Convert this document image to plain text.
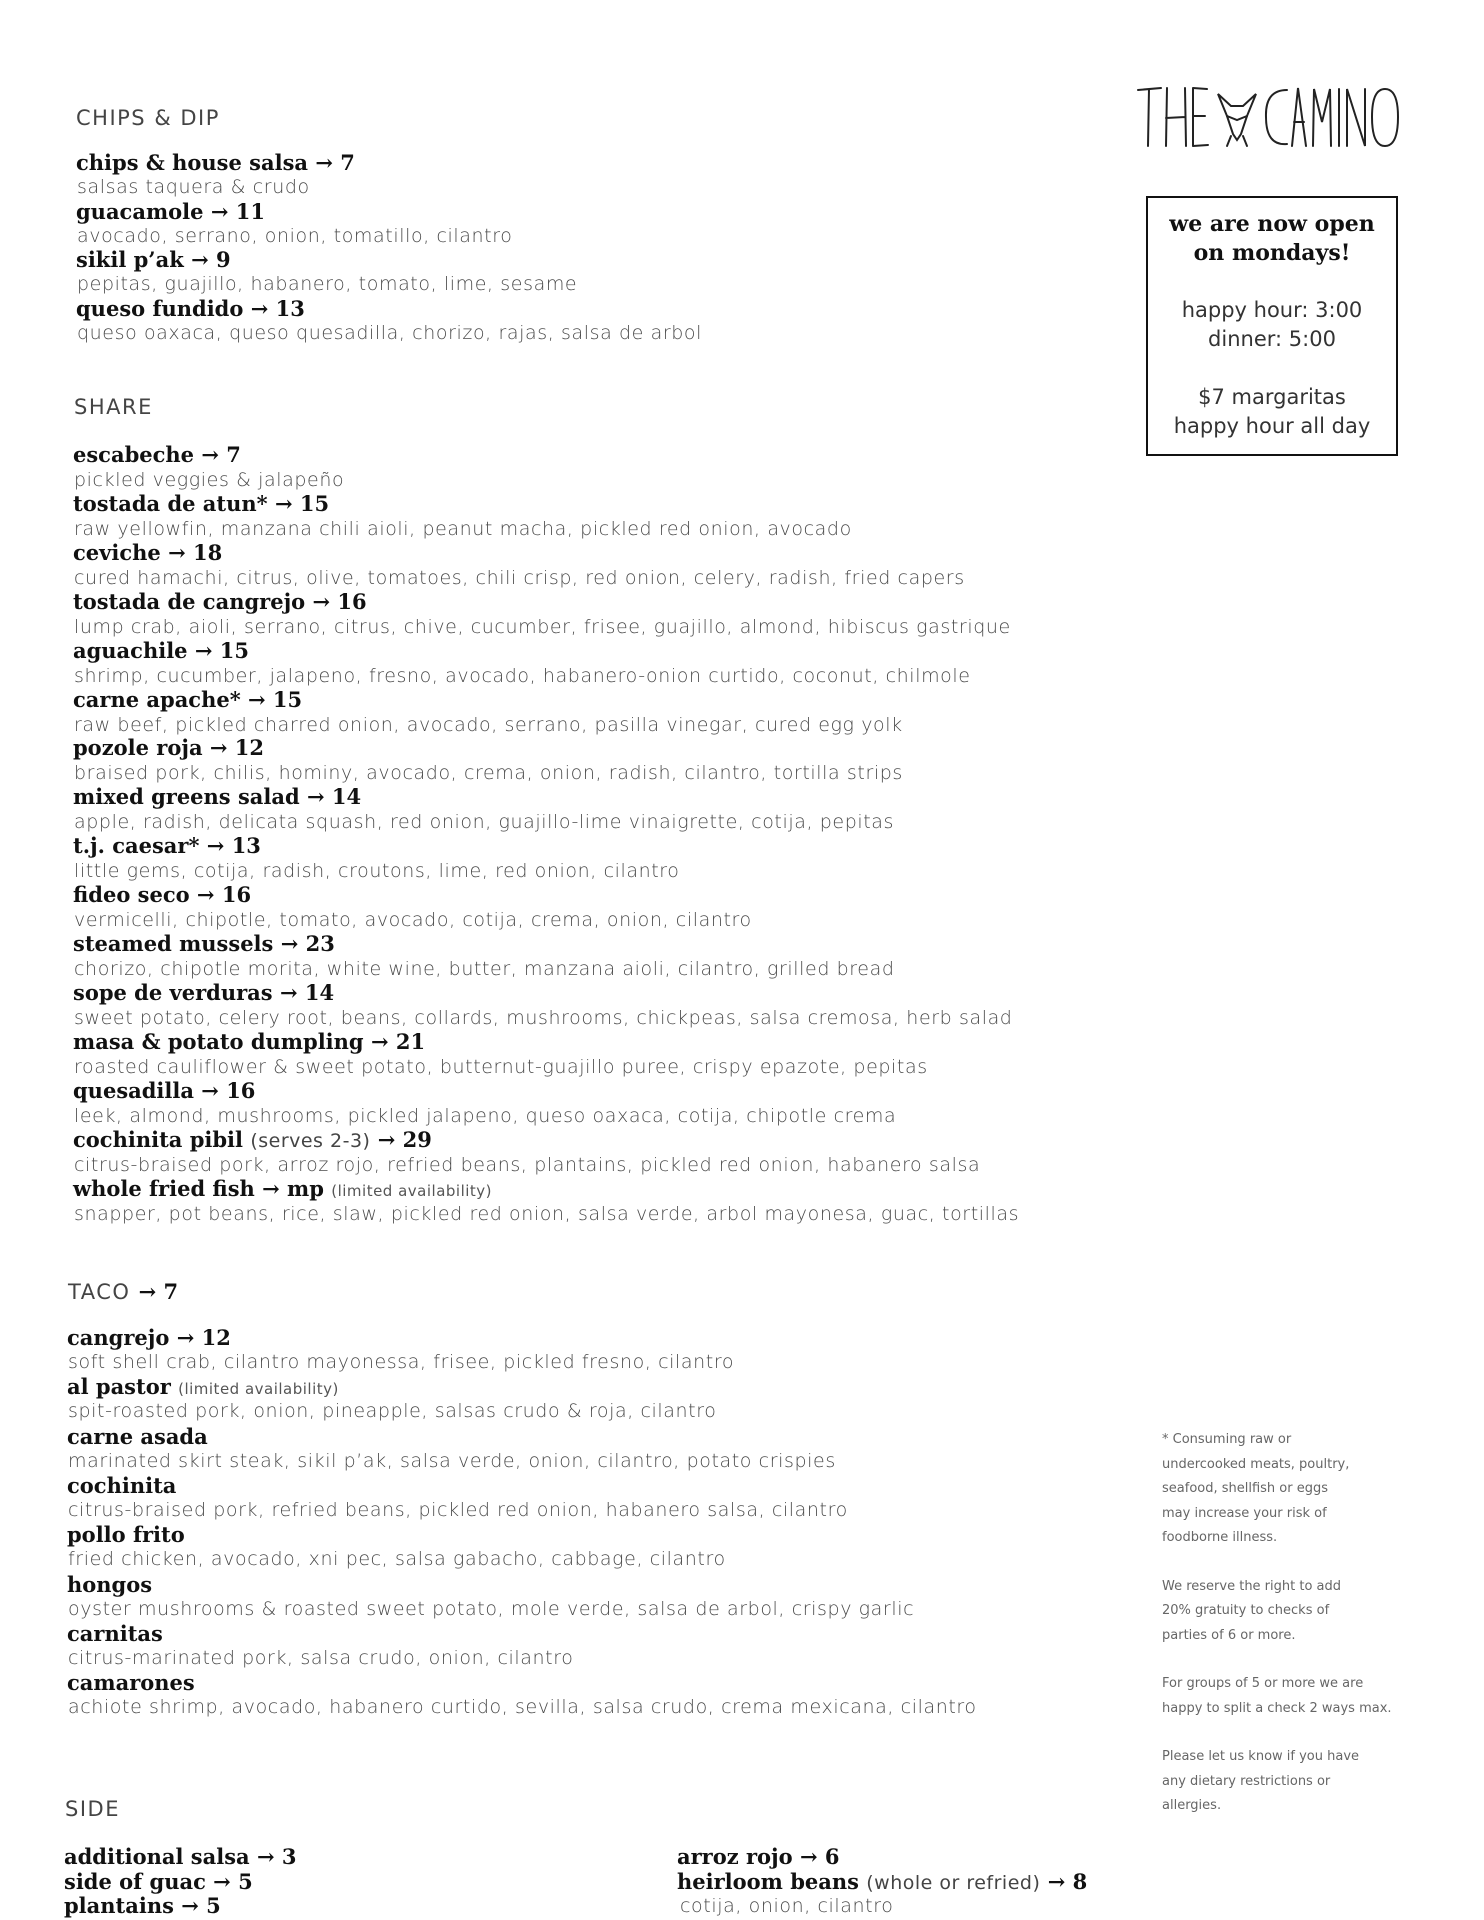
we are now open
on mondays!
happy hour: 3:00
dinner: 5:00
$7 margaritas
happy hour all day

* Consuming raw or
undercooked meats, poultry,
seafood, shellfish or eggs
may increase your risk of
foodborne illness.

We reserve the right to add
20% gratuity to checks of
parties of 6 or more.

For groups of 5 or more we are
happy to split a check 2 ways max.

Please let us know if you have
any dietary restrictions or
allergies.

CHIPS & DIP
chips & house salsa → 7
salsas taquera & crudo
guacamole → 11
avocado, serrano, onion, tomatillo, cilantro
sikil p’ak → 9
pepitas, guajillo, habanero, tomato, lime, sesame
queso fundido → 13
queso oaxaca, queso quesadilla, chorizo, rajas, salsa de arbol
SHARE
escabeche → 7
pickled veggies & jalapeño
tostada de atun* → 15
raw yellowfin, manzana chili aioli, peanut macha, pickled red onion, avocado
ceviche → 18
cured hamachi, citrus, olive, tomatoes, chili crisp, red onion, celery, radish, fried capers
tostada de cangrejo → 16
lump crab, aioli, serrano, citrus, chive, cucumber, frisee, guajillo, almond, hibiscus gastrique
aguachile → 15
shrimp, cucumber, jalapeno, fresno, avocado, habanero-onion curtido, coconut, chilmole
carne apache* → 15
raw beef, pickled charred onion, avocado, serrano, pasilla vinegar, cured egg yolk
pozole roja → 12
braised pork, chilis, hominy, avocado, crema, onion, radish, cilantro, tortilla strips
mixed greens salad → 14
apple, radish, delicata squash, red onion, guajillo-lime vinaigrette, cotija, pepitas
t.j. caesar* → 13
little gems, cotija, radish, croutons, lime, red onion, cilantro
fideo seco → 16
vermicelli, chipotle, tomato, avocado, cotija, crema, onion, cilantro
steamed mussels → 23
chorizo, chipotle morita, white wine, butter, manzana aioli, cilantro, grilled bread
sope de verduras → 14
sweet potato, celery root, beans, collards, mushrooms, chickpeas, salsa cremosa, herb salad
masa & potato dumpling → 21
roasted cauliflower & sweet potato, butternut-guajillo puree, crispy epazote, pepitas
quesadilla → 16
leek, almond, mushrooms, pickled jalapeno, queso oaxaca, cotija, chipotle crema
cochinita pibil (serves 2-3) → 29
citrus-braised pork, arroz rojo, refried beans, plantains, pickled red onion, habanero salsa
whole fried fish → mp (limited availability)
snapper, pot beans, rice, slaw, pickled red onion, salsa verde, arbol mayonesa, guac, tortillas
TACO → 7
cangrejo → 12
soft shell crab, cilantro mayonessa, frisee, pickled fresno, cilantro
al pastor (limited availability)
spit-roasted pork, onion, pineapple, salsas crudo & roja, cilantro
carne asada
marinated skirt steak, sikil p’ak, salsa verde, onion, cilantro, potato crispies
cochinita
citrus-braised pork, refried beans, pickled red onion, habanero salsa, cilantro
pollo frito
fried chicken, avocado, xni pec, salsa gabacho, cabbage, cilantro
hongos
oyster mushrooms & roasted sweet potato, mole verde, salsa de arbol, crispy garlic
carnitas
citrus-marinated pork, salsa crudo, onion, cilantro
camarones
achiote shrimp, avocado, habanero curtido, sevilla, salsa crudo, crema mexicana, cilantro
SIDE
additional salsa → 3
side of guac → 5
plantains → 5
arroz rojo → 6
heirloom beans (whole or refried) → 8
cotija, onion, cilantro
